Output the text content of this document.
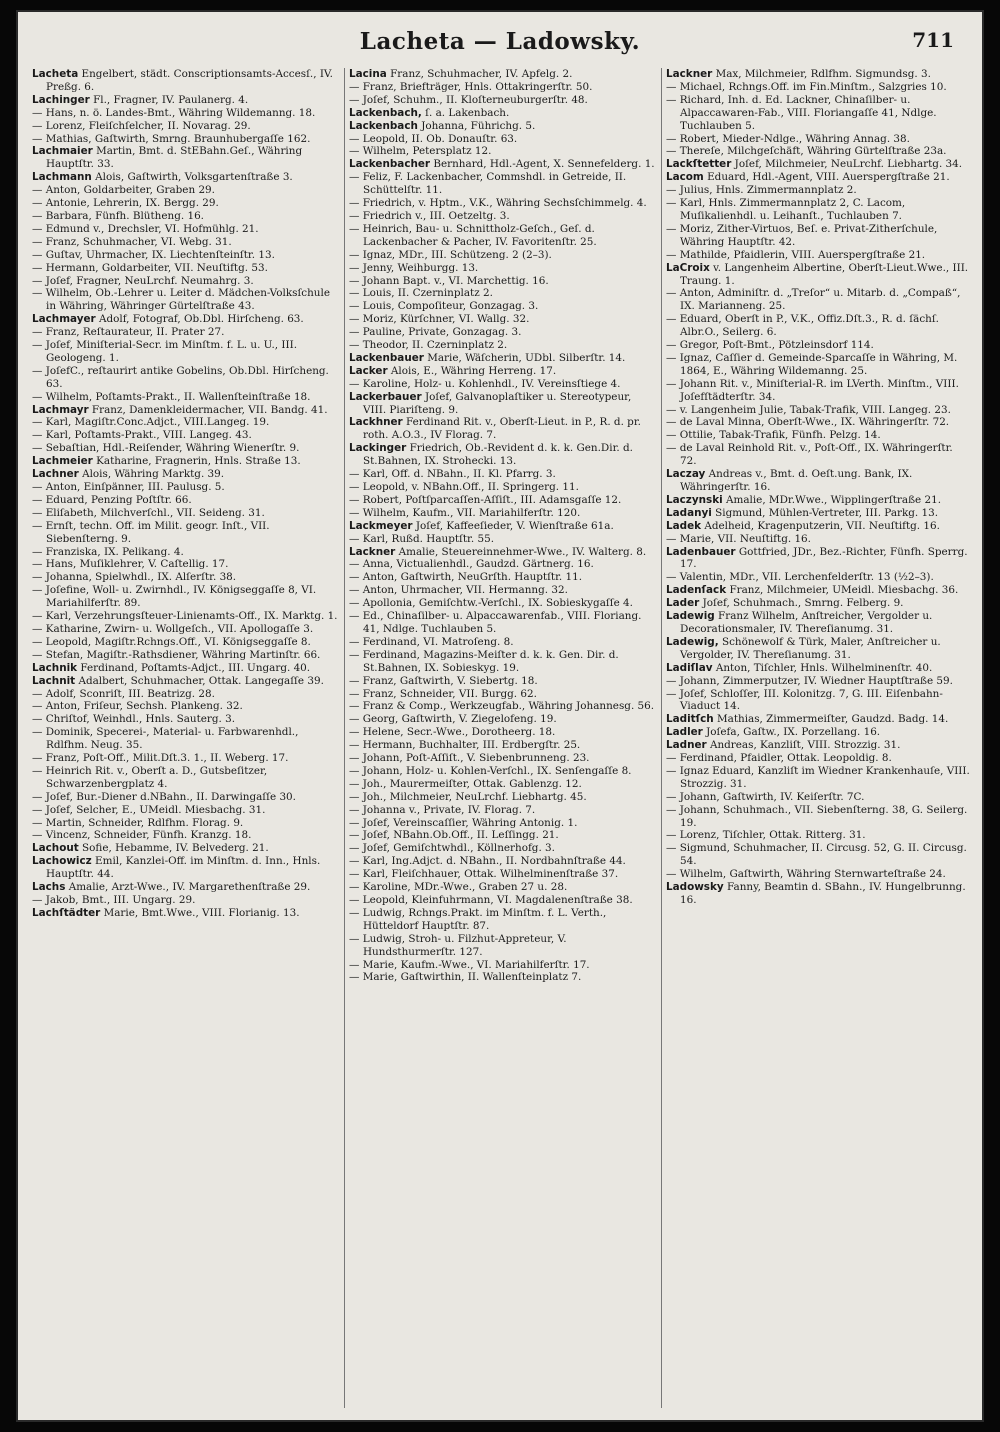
Lacheta — Ladowsky.	711

Lacheta Engelbert, städt. Conscriptionsamts-Accesſ., IV. Preßg. 6.

Lachinger Fl., Fragner, IV. Paulanerg. 4.

— Hans, n. ö. Landes-Bmt., Währing Wildemanng. 18.

— Lorenz, Fleiſchſelcher, II. Novarag. 29.

— Mathias, Gaſtwirth, Smrng. Braunhubergaſſe 162.

Lachmaier Martin, Bmt. d. StEBahn.Geſ., Währing Hauptſtr. 33.

Lachmann Alois, Gaſtwirth, Volksgartenſtraße 3.

— Anton, Goldarbeiter, Graben 29.

— Antonie, Lehrerin, IX. Bergg. 29.

— Barbara, Fünfh. Blütheng. 16.

— Edmund v., Drechsler, VI. Hofmühlg. 21.

— Franz, Schuhmacher, VI. Webg. 31.

— Guſtav, Uhrmacher, IX. Liechtenſteinſtr. 13.

— Hermann, Goldarbeiter, VII. Neuſtiftg. 53.

— Joſef, Fragner, NeuLrchf. Neumahrg. 3.

— Wilhelm, Ob.-Lehrer u. Leiter d. Mädchen-Volksſchule in Währing, Währinger Gürtelſtraße 43.

Lachmayer Adolf, Fotograf, Ob.Dbl. Hirſcheng. 63.

— Franz, Reſtaurateur, II. Prater 27.

— Joſef, Miniſterial-Secr. im Minſtm. f. L. u. U., III. Geologeng. 1.

— JoſefC., reſtaurirt antike Gobelins, Ob.Dbl. Hirſcheng. 63.

— Wilhelm, Poſtamts-Prakt., II. Wallenſteinſtraße 18.

Lachmayr Franz, Damenkleidermacher, VII. Bandg. 41.

— Karl, Magiſtr.Conc.Adjct., VIII.Langeg. 19.

— Karl, Poſtamts-Prakt., VIII. Langeg. 43.

— Sebaſtian, Hdl.-Reiſender, Währing Wienerſtr. 9.

Lachmeier Katharine, Fragnerin, Hnls. Straße 13.

Lachner Alois, Währing Marktg. 39.

— Anton, Einſpänner, III. Paulusg. 5.

— Eduard, Penzing Poſtſtr. 66.

— Eliſabeth, Milchverſchl., VII. Seideng. 31.

— Ernſt, techn. Off. im Milit. geogr. Inſt., VII. Siebenſterng. 9.

— Franziska, IX. Pelikang. 4.

— Hans, Muſiklehrer, V. Caſtellig. 17.

— Johanna, Spielwhdl., IX. Alſerſtr. 38.

— Joſefine, Woll- u. Zwirnhdl., IV. Königseggaſſe 8, VI. Mariahilferſtr. 89.

— Karl, Verzehrungsſteuer-Linienamts-Off., IX. Marktg. 1.

— Katharine, Zwirn- u. Wollgeſch., VII. Apollogaſſe 3.

— Leopold, Magiſtr.Rchngs.Off., VI. Königseggaſſe 8.

— Stefan, Magiſtr.-Rathsdiener, Währing Martinſtr. 66.

Lachnik Ferdinand, Poſtamts-Adjct., III. Ungarg. 40.

Lachnit Adalbert, Schuhmacher, Ottak. Langegaſſe 39.

— Adolf, Sconriſt, III. Beatrizg. 28.

— Anton, Friſeur, Sechsh. Plankeng. 32.

— Chriſtof, Weinhdl., Hnls. Sauterg. 3.

— Dominik, Specerei-, Material- u. Farbwarenhdl., Rdlfhm. Neug. 35.

— Franz, Poſt-Off., Milit.Dſt.3. 1., II. Weberg. 17.

— Heinrich Rit. v., Oberſt a. D., Gutsbeſitzer, Schwarzenbergplatz 4.

— Joſef, Bur.-Diener d.NBahn., II. Darwingaſſe 30.

— Joſef, Selcher, E., UMeidl. Miesbachg. 31.

— Martin, Schneider, Rdlfhm. Florag. 9.

— Vincenz, Schneider, Fünfh. Kranzg. 18.

Lachout Sofie, Hebamme, IV. Belvederg. 21.

Lachowicz Emil, Kanzlei-Off. im Minſtm. d. Inn., Hnls. Hauptſtr. 44.

Lachs Amalie, Arzt-Wwe., IV. Margarethenſtraße 29.

— Jakob, Bmt., III. Ungarg. 29.

Lachſtädter Marie, Bmt.Wwe., VIII. Florianig. 13.

Lacina Franz, Schuhmacher, IV. Apfelg. 2.

— Franz, Briefträger, Hnls. Ottakringerſtr. 50.

— Joſef, Schuhm., II. Kloſterneuburgerſtr. 48.

Lackenbach, ſ. a. Lakenbach.

Lackenbach Johanna, Führichg. 5.

— Leopold, II. Ob. Donauſtr. 63.

— Wilhelm, Petersplatz 12.

Lackenbacher Bernhard, Hdl.-Agent, X. Sennefelderg. 1.

— Feliz, F. Lackenbacher, Commshdl. in Getreide, II. Schüttelſtr. 11.

— Friedrich, v. Hptm., V.K., Währing Sechsſchimmelg. 4.

— Friedrich v., III. Oetzeltg. 3.

— Heinrich, Bau- u. Schnittholz-Geſch., Geſ. d. Lackenbacher & Pacher, IV. Favoritenſtr. 25.

— Ignaz, MDr., III. Schützeng. 2 (2–3).

— Jenny, Weihburgg. 13.

— Johann Bapt. v., VI. Marchettig. 16.

— Louis, II. Czerninplatz 2.

— Louis, Compoſiteur, Gonzagag. 3.

— Moriz, Kürſchner, VI. Wallg. 32.

— Pauline, Private, Gonzagag. 3.

— Theodor, II. Czerninplatz 2.

Lackenbauer Marie, Wäſcherin, UDbl. Silberſtr. 14.

Lacker Alois, E., Währing Herreng. 17.

— Karoline, Holz- u. Kohlenhdl., IV. Vereinsſtiege 4.

Lackerbauer Joſef, Galvanoplaſtiker u. Stereotypeur, VIII. Piariſteng. 9.

Lackhner Ferdinand Rit. v., Oberſt-Lieut. in P., R. d. pr. roth. A.O.3., IV Florag. 7.

Lackinger Friedrich, Ob.-Revident d. k. k. Gen.Dir. d. St.Bahnen, IX. Strohecki. 13.

— Karl, Off. d. NBahn., II. Kl. Pfarrg. 3.

— Leopold, v. NBahn.Off., II. Springerg. 11.

— Robert, Poſtſparcaſſen-Aſſiſt., III. Adamsgaſſe 12.

— Wilhelm, Kaufm., VII. Mariahilferſtr. 120.

Lackmeyer Joſef, Kaffeeſieder, V. Wienſtraße 61a.

— Karl, Rußd. Hauptſtr. 55.

Lackner Amalie, Steuereinnehmer-Wwe., IV. Walterg. 8.

— Anna, Victualienhdl., Gaudzd. Gärtnerg. 16.

— Anton, Gaſtwirth, NeuGrſth. Hauptſtr. 11.

— Anton, Uhrmacher, VII. Hermanng. 32.

— Apollonia, Gemiſchtw.-Verſchl., IX. Sobieskygaſſe 4.

— Ed., Chinaſilber- u. Alpaccawarenfab., VIII. Floriang. 41, Ndlge. Tuchlauben 5.

— Ferdinand, VI. Matroſeng. 8.

— Ferdinand, Magazins-Meiſter d. k. k. Gen. Dir. d. St.Bahnen, IX. Sobieskyg. 19.

— Franz, Gaſtwirth, V. Siebertg. 18.

— Franz, Schneider, VII. Burgg. 62.

— Franz & Comp., Werkzeugfab., Währing Johannesg. 56.

— Georg, Gaſtwirth, V. Ziegelofeng. 19.

— Helene, Secr.-Wwe., Dorotheerg. 18.

— Hermann, Buchhalter, III. Erdbergſtr. 25.

— Johann, Poſt-Aſſiſt., V. Siebenbrunneng. 23.

— Johann, Holz- u. Kohlen-Verſchl., IX. Senſengaſſe 8.

— Joh., Maurermeiſter, Ottak. Gablenzg. 12.

— Joh., Milchmeier, NeuLrchf. Liebhartg. 45.

— Johanna v., Private, IV. Florag. 7.

— Joſef, Vereinscaſſier, Währing Antonig. 1.

— Joſef, NBahn.Ob.Off., II. Leſſingg. 21.

— Joſef, Gemiſchtwhdl., Köllnerhofg. 3.

— Karl, Ing.Adjct. d. NBahn., II. Nordbahnſtraße 44.

— Karl, Fleiſchhauer, Ottak. Wilhelminenſtraße 37.

— Karoline, MDr.-Wwe., Graben 27 u. 28.

— Leopold, Kleinfuhrmann, VI. Magdalenenſtraße 38.

— Ludwig, Rchngs.Prakt. im Minſtm. f. L. Verth., Hütteldorf Hauptſtr. 87.

— Ludwig, Stroh- u. Filzhut-Appreteur, V. Hundsthurmerſtr. 127.

— Marie, Kaufm.-Wwe., VI. Mariahilferſtr. 17.

— Marie, Gaſtwirthin, II. Wallenſteinplatz 7.

Lackner Max, Milchmeier, Rdlfhm. Sigmundsg. 3.

— Michael, Rchngs.Off. im Fin.Minſtm., Salzgries 10.

— Richard, Inh. d. Ed. Lackner, Chinaſilber- u. Alpaccawaren-Fab., VIII. Floriangaſſe 41, Ndlge. Tuchlauben 5.

— Robert, Mieder-Ndlge., Währing Annag. 38.

— Thereſe, Milchgeſchäft, Währing Gürtelſtraße 23a.

Lackſtetter Joſef, Milchmeier, NeuLrchf. Liebhartg. 34.

Lacom Eduard, Hdl.-Agent, VIII. Auerspergſtraße 21.

— Julius, Hnls. Zimmermannplatz 2.

— Karl, Hnls. Zimmermannplatz 2, C. Lacom, Muſikalienhdl. u. Leihanſt., Tuchlauben 7.

— Moriz, Zither-Virtuos, Beſ. e. Privat-Zitherſchule, Währing Hauptſtr. 42.

— Mathilde, Pfaidlerin, VIII. Auerspergſtraße 21.

LaCroix v. Langenheim Albertine, Oberſt-Lieut.Wwe., III. Traung. 1.

— Anton, Adminiſtr. d. „Treſor“ u. Mitarb. d. „Compaß“, IX. Marianneng. 25.

— Eduard, Oberſt in P., V.K., Offiz.Dſt.3., R. d. ſächſ. Albr.O., Seilerg. 6.

— Gregor, Poſt-Bmt., Pötzleinsdorf 114.

— Ignaz, Caſſier d. Gemeinde-Sparcaſſe in Währing, M. 1864, E., Währing Wildemanng. 25.

— Johann Rit. v., Miniſterial-R. im LVerth. Minſtm., VIII. Joſefſtädterſtr. 34.

— v. Langenheim Julie, Tabak-Trafik, VIII. Langeg. 23.

— de Laval Minna, Oberſt-Wwe., IX. Währingerſtr. 72.

— Ottilie, Tabak-Trafik, Fünfh. Pelzg. 14.

— de Laval Reinhold Rit. v., Poſt-Off., IX. Währingerſtr. 72.

Laczay Andreas v., Bmt. d. Oeſt.ung. Bank, IX. Währingerſtr. 16.

Laczynski Amalie, MDr.Wwe., Wipplingerſtraße 21.

Ladanyi Sigmund, Mühlen-Vertreter, III. Parkg. 13.

Ladek Adelheid, Kragenputzerin, VII. Neuſtiftg. 16.

— Marie, VII. Neuſtiftg. 16.

Ladenbauer Gottfried, JDr., Bez.-Richter, Fünfh. Sperrg. 17.

— Valentin, MDr., VII. Lerchenfelderſtr. 13 (½2–3).

Ladenſack Franz, Milchmeier, UMeidl. Miesbachg. 36.

Lader Joſef, Schuhmach., Smrng. Felberg. 9.

Ladewig Franz Wilhelm, Anſtreicher, Vergolder u. Decorationsmaler, IV. Thereſianumg. 31.

Ladewig, Schönewolf & Türk, Maler, Anſtreicher u. Vergolder, IV. Thereſianumg. 31.

Ladiſlav Anton, Tiſchler, Hnls. Wilhelminenſtr. 40.

— Johann, Zimmerputzer, IV. Wiedner Hauptſtraße 59.

— Joſef, Schloſſer, III. Kolonitzg. 7, G. III. Eiſenbahn-Viaduct 14.

Laditſch Mathias, Zimmermeiſter, Gaudzd. Badg. 14.

Ladler Joſefa, Gaſtw., IX. Porzellang. 16.

Ladner Andreas, Kanzliſt, VIII. Strozzig. 31.

— Ferdinand, Pfaidler, Ottak. Leopoldig. 8.

— Ignaz Eduard, Kanzliſt im Wiedner Krankenhauſe, VIII. Strozzig. 31.

— Johann, Gaſtwirth, IV. Keiſerſtr. 7C.

— Johann, Schuhmach., VII. Siebenſterng. 38, G. Seilerg. 19.

— Lorenz, Tiſchler, Ottak. Ritterg. 31.

— Sigmund, Schuhmacher, II. Circusg. 52, G. II. Circusg. 54.

— Wilhelm, Gaſtwirth, Währing Sternwarteſtraße 24.

Ladowsky Fanny, Beamtin d. SBahn., IV. Hungelbrunng. 16.
